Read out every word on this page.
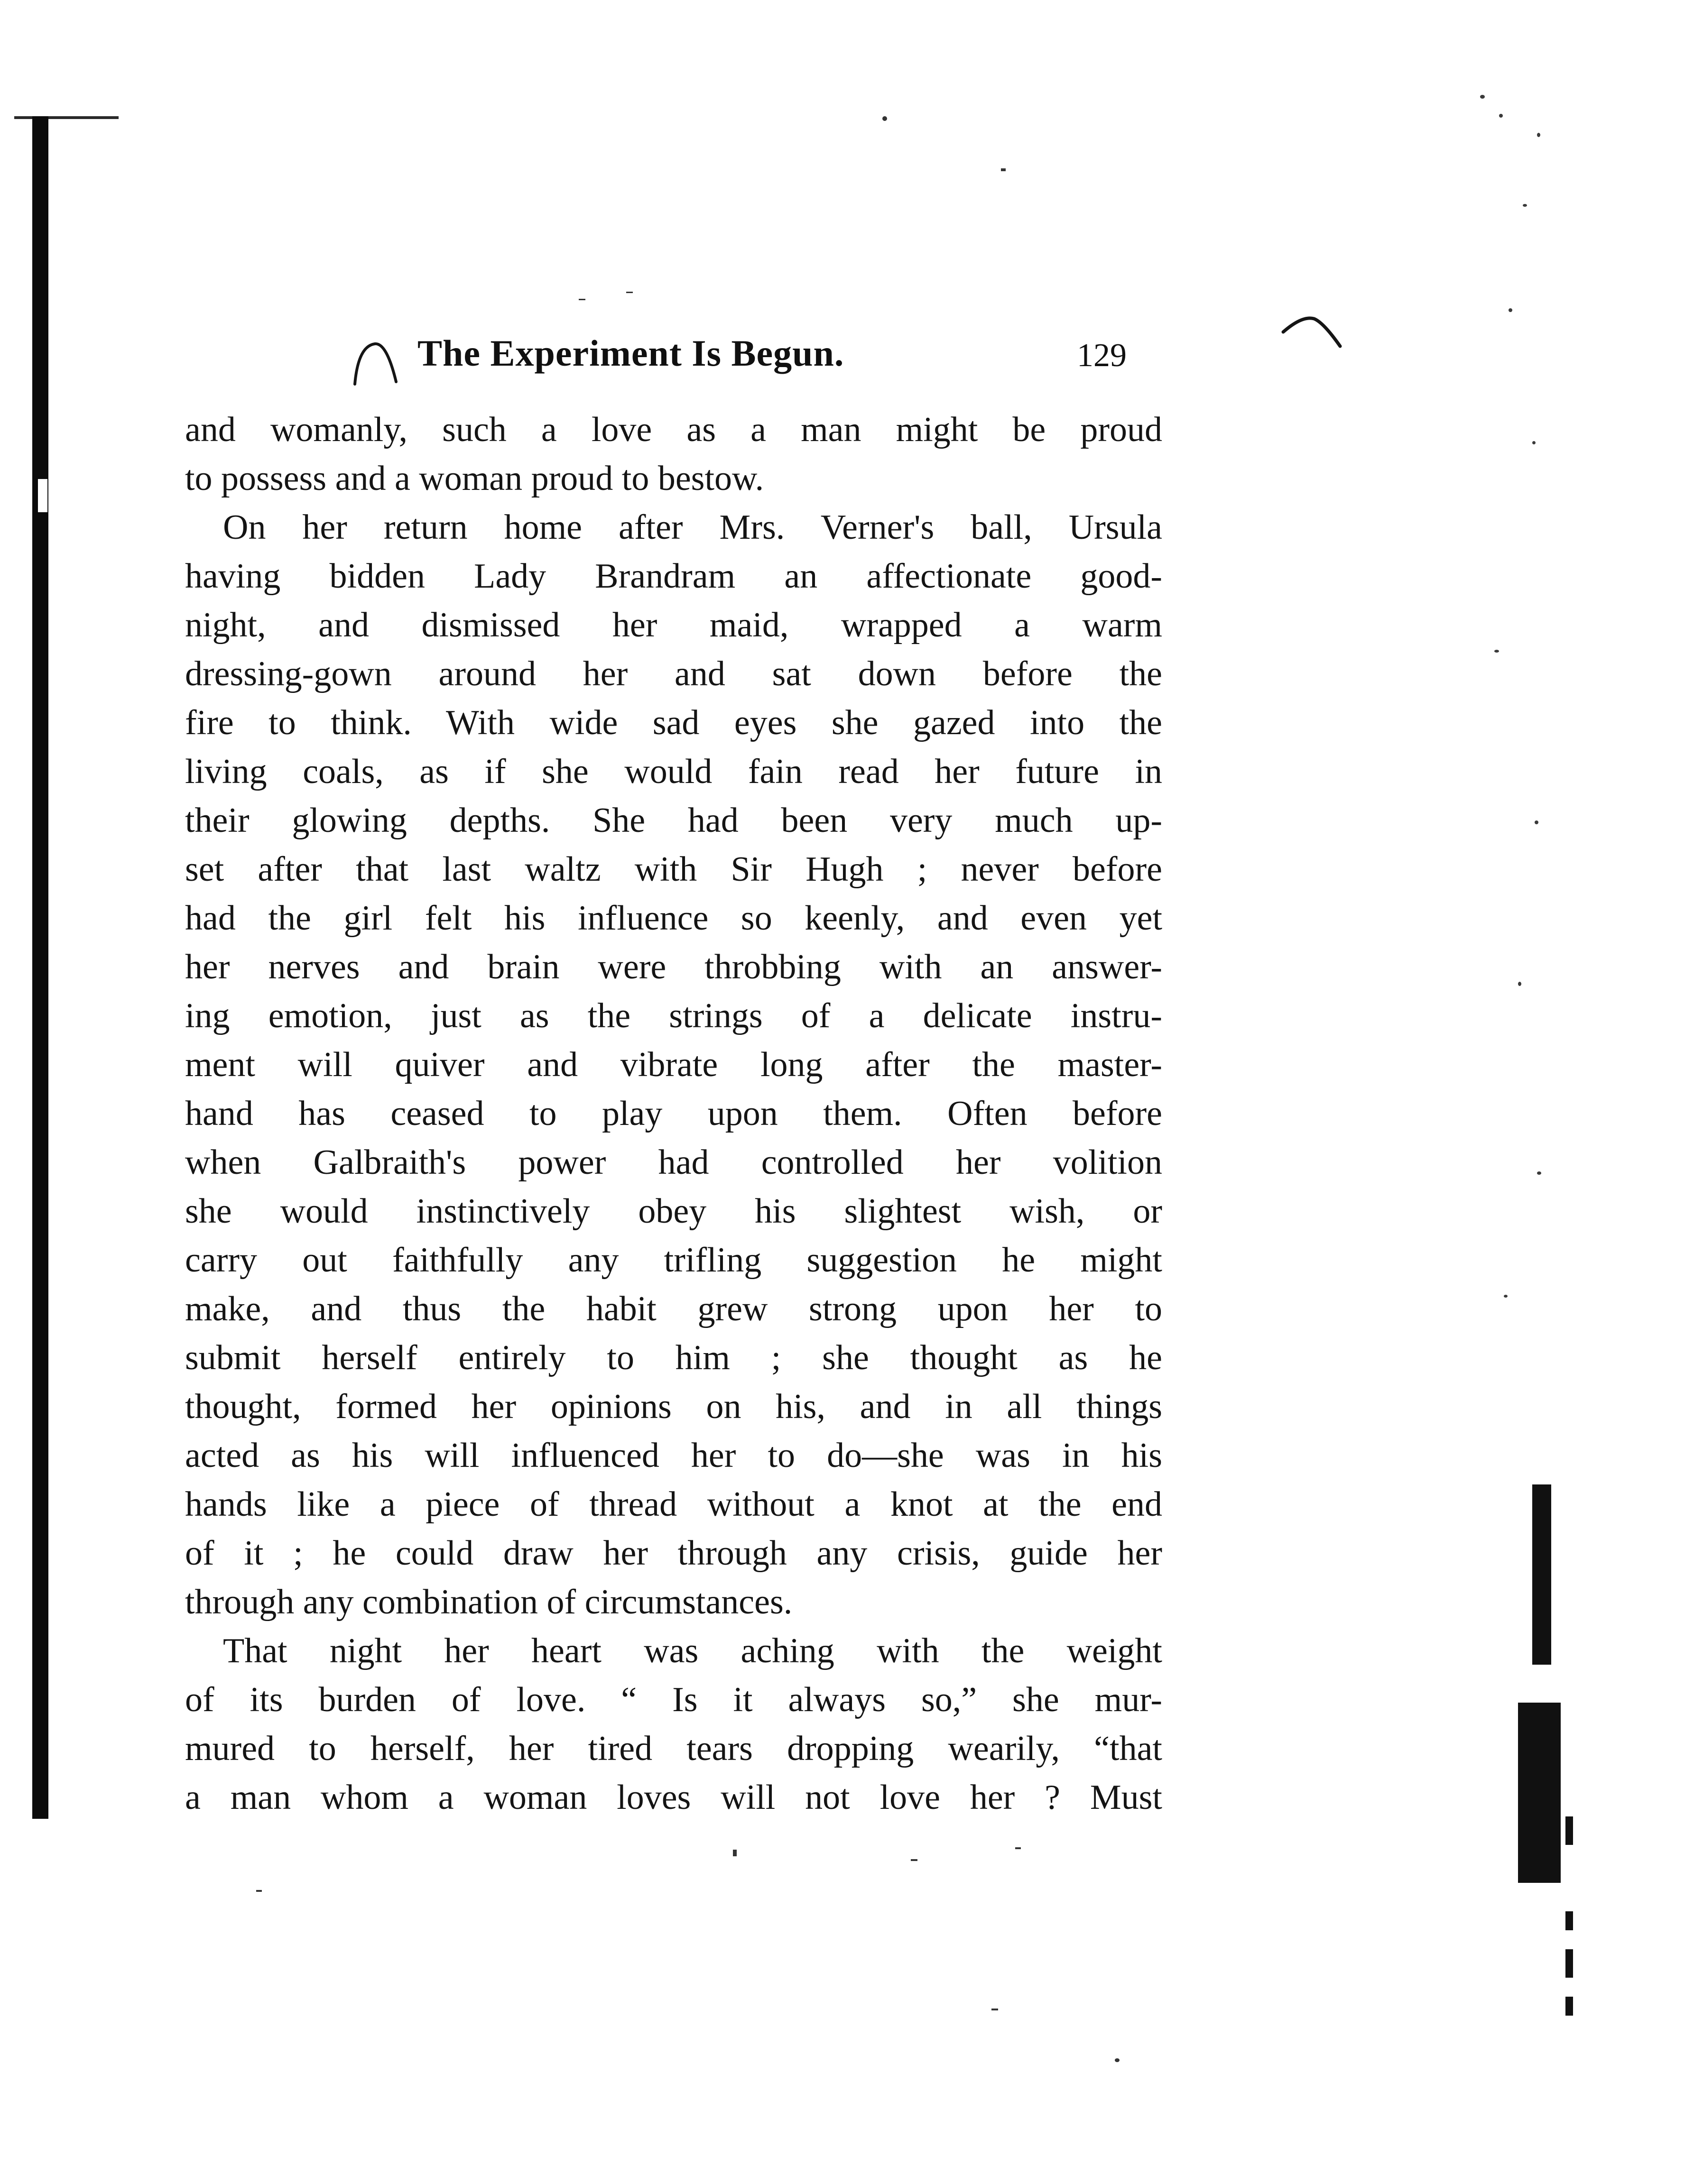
The Experiment Is Begun.	129
and womanly, such a love as a man might be proud
to possess and a woman proud to bestow.
On her return home after Mrs. Verner's ball, Ursula
having bidden Lady Brandram an affectionate good-
night, and dismissed her maid, wrapped a warm
dressing-gown around her and sat down before the
fire to think. With wide sad eyes she gazed into the
living coals, as if she would fain read her future in
their glowing depths. She had been very much up-
set after that last waltz with Sir Hugh ; never before
had the girl felt his influence so keenly, and even yet
her nerves and brain were throbbing with an answer-
ing emotion, just as the strings of a delicate instru-
ment will quiver and vibrate long after the master-
hand has ceased to play upon them. Often before
when Galbraith's power had controlled her volition
she would instinctively obey his slightest wish, or
carry out faithfully any trifling suggestion he might
make, and thus the habit grew strong upon her to
submit herself entirely to him ; she thought as he
thought, formed her opinions on his, and in all things
acted as his will influenced her to do—she was in his
hands like a piece of thread without a knot at the end
of it ; he could draw her through any crisis, guide her
through any combination of circumstances.
That night her heart was aching with the weight
of its burden of love. “ Is it always so,” she mur-
mured to herself, her tired tears dropping wearily, “that
a man whom a woman loves will not love her ? Must
